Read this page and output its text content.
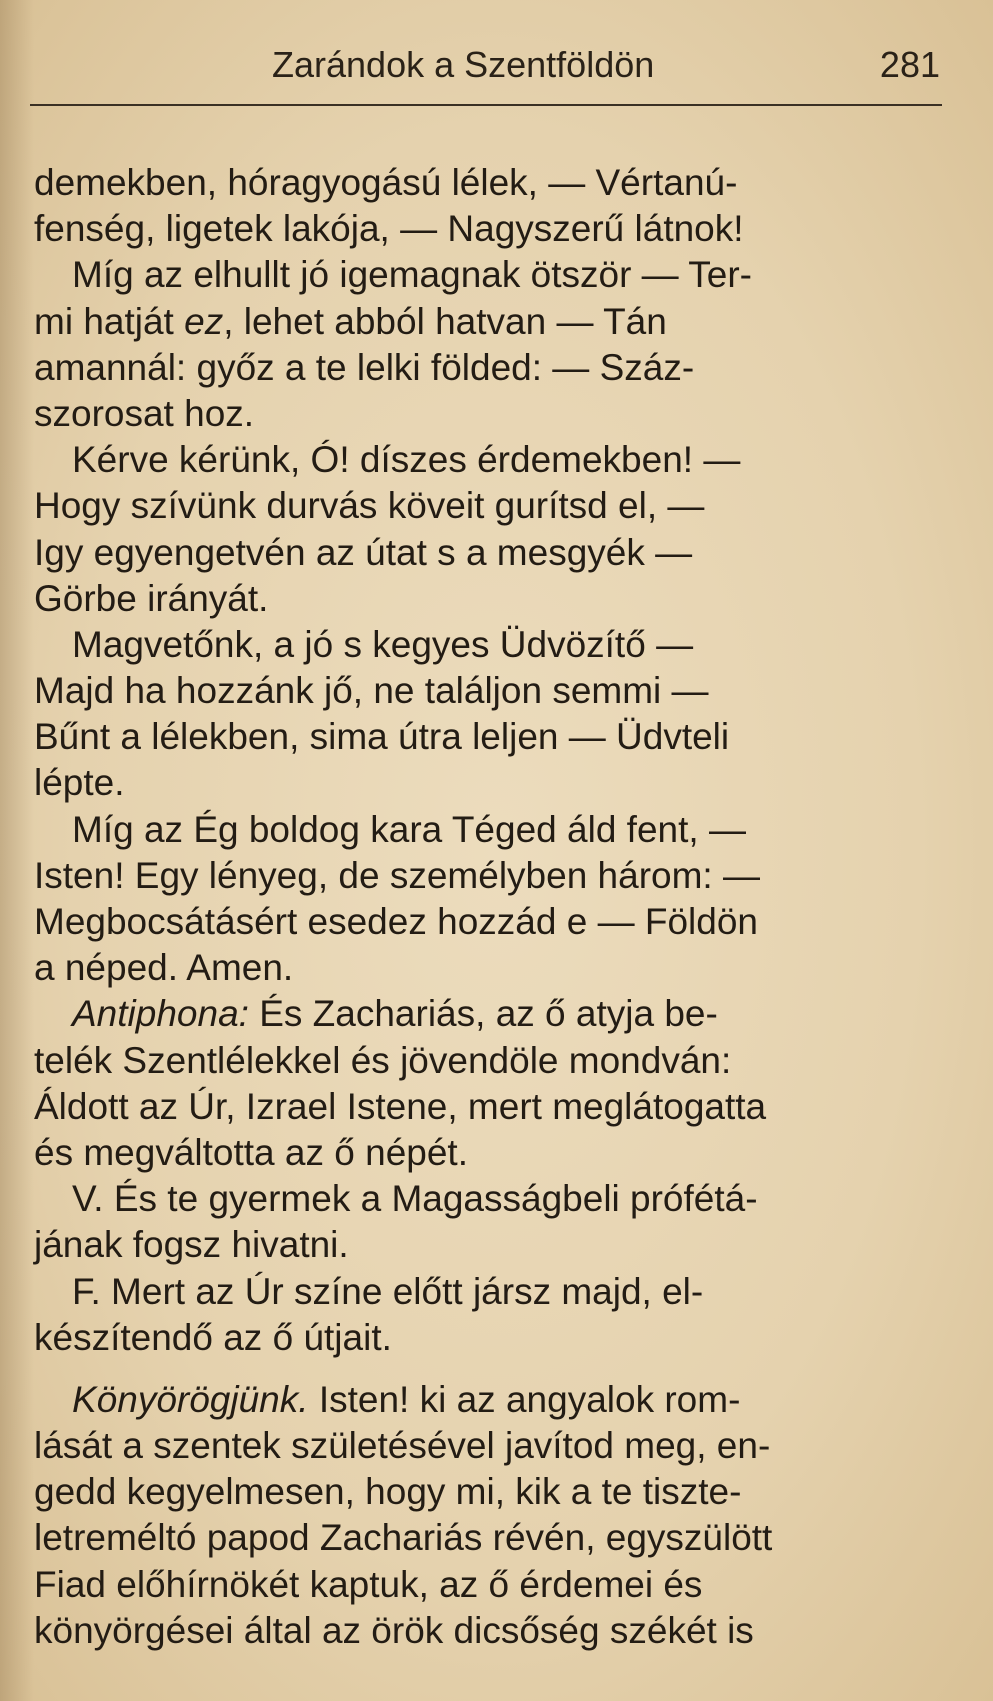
Zarándok a Szentföldön	281
demekben, hóragyogású lélek, — Vértanú-
fenség, ligetek lakója, — Nagyszerű látnok!
Míg az elhullt jó igemagnak ötször — Ter-
mi hatját ez, lehet abból hatvan — Tán
amannál: győz a te lelki földed: — Száz-
szorosat hoz.
Kérve kérünk, Ó! díszes érdemekben! —
Hogy szívünk durvás köveit gurítsd el, —
Igy egyengetvén az útat s a mesgyék —
Görbe irányát.
Magvetőnk, a jó s kegyes Üdvözítő —
Majd ha hozzánk jő, ne találjon semmi —
Bűnt a lélekben, sima útra leljen — Üdvteli
lépte.
Míg az Ég boldog kara Téged áld fent, —
Isten! Egy lényeg, de személyben három: —
Megbocsátásért esedez hozzád e — Földön
a néped. Amen.
Antiphona: És Zachariás, az ő atyja be-
telék Szentlélekkel és jövendöle mondván:
Áldott az Úr, Izrael Istene, mert meglátogatta
és megváltotta az ő népét.
V. És te gyermek a Magasságbeli prófétá-
jának fogsz hivatni.
F. Mert az Úr színe előtt jársz majd, el-
készítendő az ő útjait.
Könyörögjünk. Isten! ki az angyalok rom-
lását a szentek születésével javítod meg, en-
gedd kegyelmesen, hogy mi, kik a te tiszte-
letreméltó papod Zachariás révén, egyszülött
Fiad előhírnökét kaptuk, az ő érdemei és
könyörgései által az örök dicsőség székét is
